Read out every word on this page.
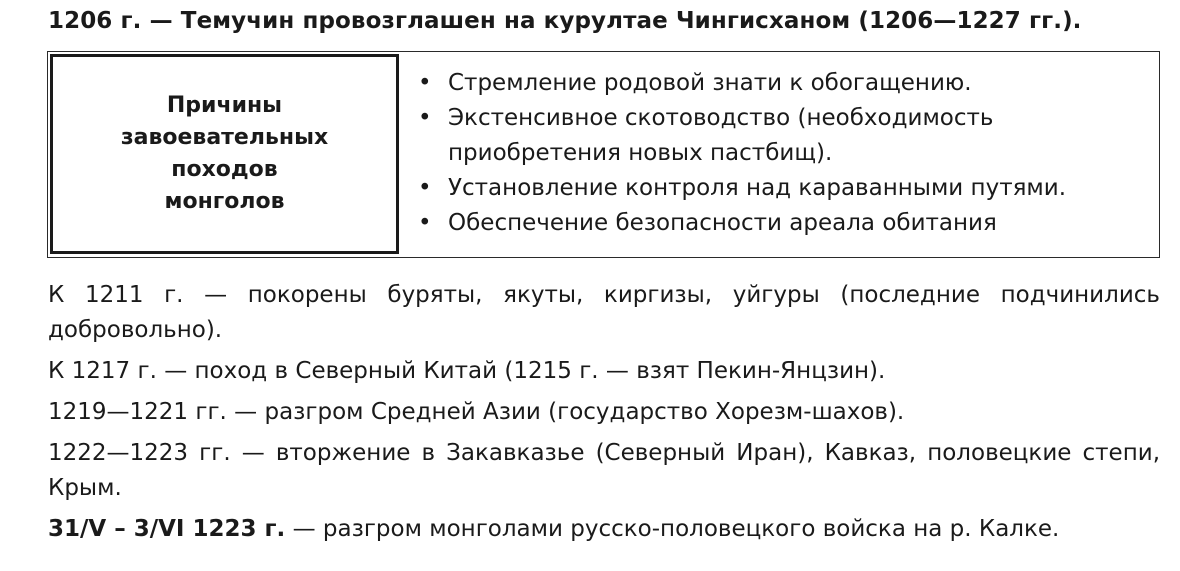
1206 г. — Темучин провозглашен на курултае Чингисханом (1206—1227 гг.).
Причины
завоевательных
походов
монголов
• Стремление родовой знати к обогащению.
• Экстенсивное скотоводство (необходимость приобретения новых пастбищ).
• Установление контроля над караванными путями.
• Обеспечение безопасности ареала обитания
К 1211 г. — покорены буряты, якуты, киргизы, уйгуры (последние подчинились добровольно).
К 1217 г. — поход в Северный Китай (1215 г. — взят Пекин-Янцзин).
1219—1221 гг. — разгром Средней Азии (государство Хорезм-шахов).
1222—1223 гг. — вторжение в Закавказье (Северный Иран), Кавказ, половецкие степи, Крым.
31/V – 3/VI 1223 г. — разгром монголами русско-половецкого войска на р. Калке.
